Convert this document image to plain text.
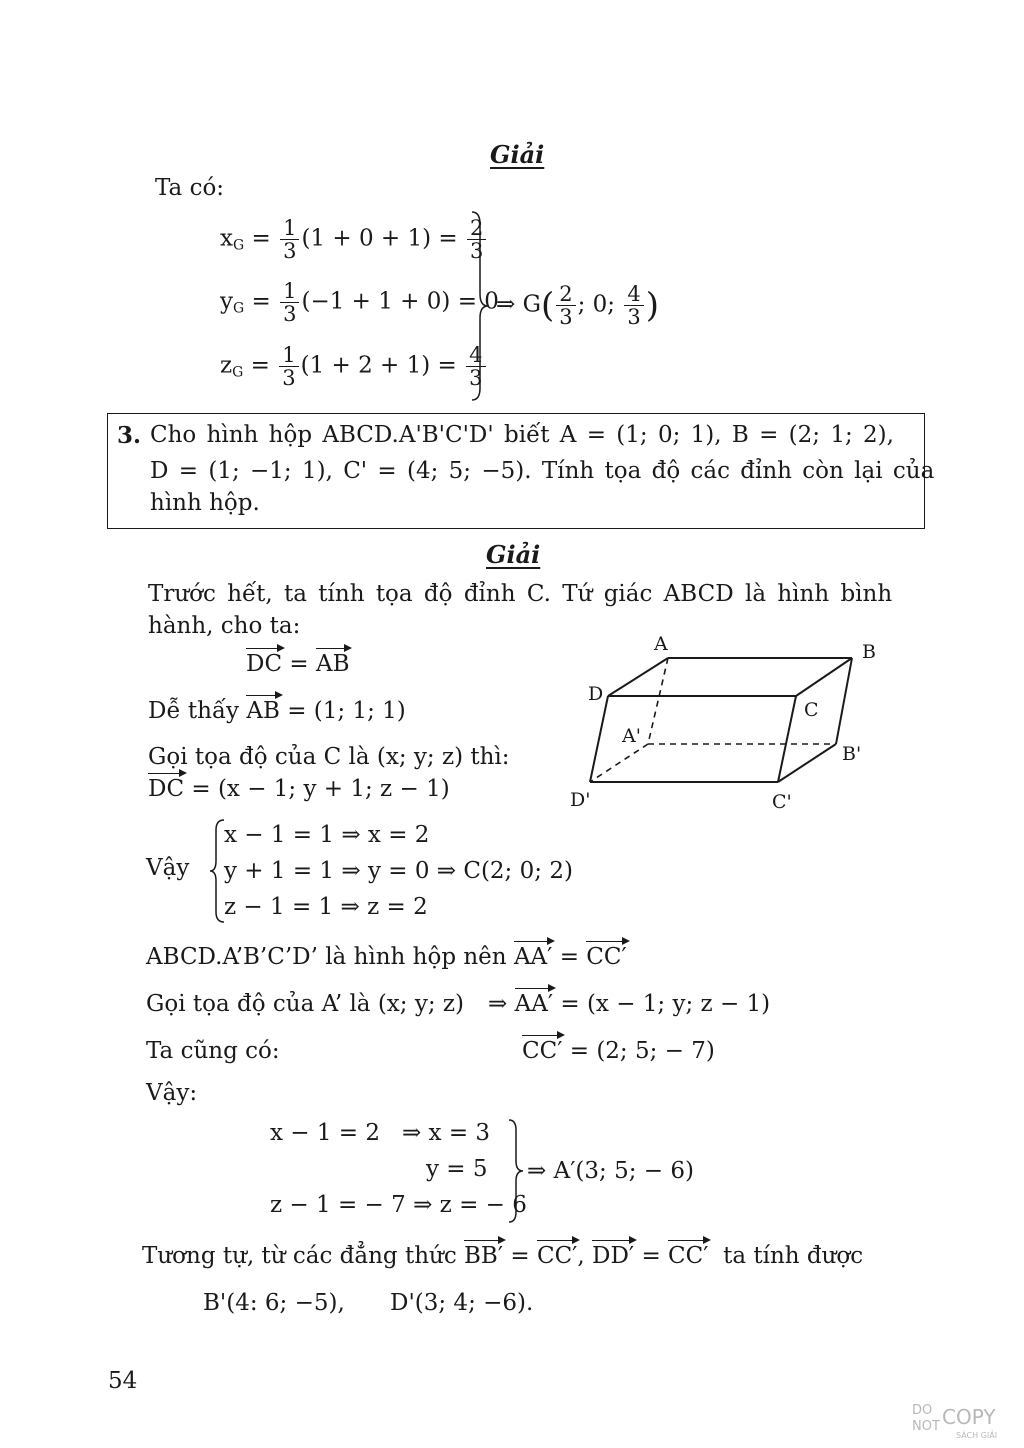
Giải
Ta có:
$x_G = \frac{1}{3} (1 + 0 + 1) = \frac{2}{3}$
$y_G = \frac{1}{3} (-1 + 1 + 0) = 0$
$z_G = \frac{1}{3} (1 + 2 + 1) = \frac{4}{3}$
⇒ $G( \frac{2}{3}$ ; 0; $\frac{4}{3}$ )
3. Cho hình hộp ABCD.A'B'C'D' biết A = (1; 0; 1), B = (2; 1; 2),
D = (1; −1; 1), C' = (4; 5; −5). Tính tọa độ các đỉnh còn lại của
hình hộp.
Giải
Trước hết, ta tính tọa độ đỉnh C. Tứ giác ABCD là hình bình
hành, cho ta:
DC = AB
Dễ thấy AB = (1; 1; 1)
Gọi tọa độ của C là (x; y; z) thì:
DC = (x − 1; y + 1; z − 1)
Vậy
x − 1 = 1 ⇒ x = 2
y + 1 = 1 ⇒ y = 0 ⇒ C(2; 0; 2)
z − 1 = 1 ⇒ z = 2
ABCD.A’B’C’D’ là hình hộp nên AA′ = CC′
Gọi tọa độ của A’ là (x; y; z) ⇒ AA′ = (x − 1; y; z − 1)
Ta cũng có:	CC′ = (2; 5; − 7)
Vậy:
x − 1 = 2   ⇒ x = 3
y = 5
z − 1 = − 7 ⇒ z = − 6
⇒ A′(3; 5; − 6)
Tương tự, từ các đẳng thức BB′ = CC′, DD′ = CC′ ta tính được
B'(4: 6; −5), D'(3; 4; −6).
A	B
C
D
A'
B'
C'
D'
54
DO
NOT COPY
SÁCH GIẢI
